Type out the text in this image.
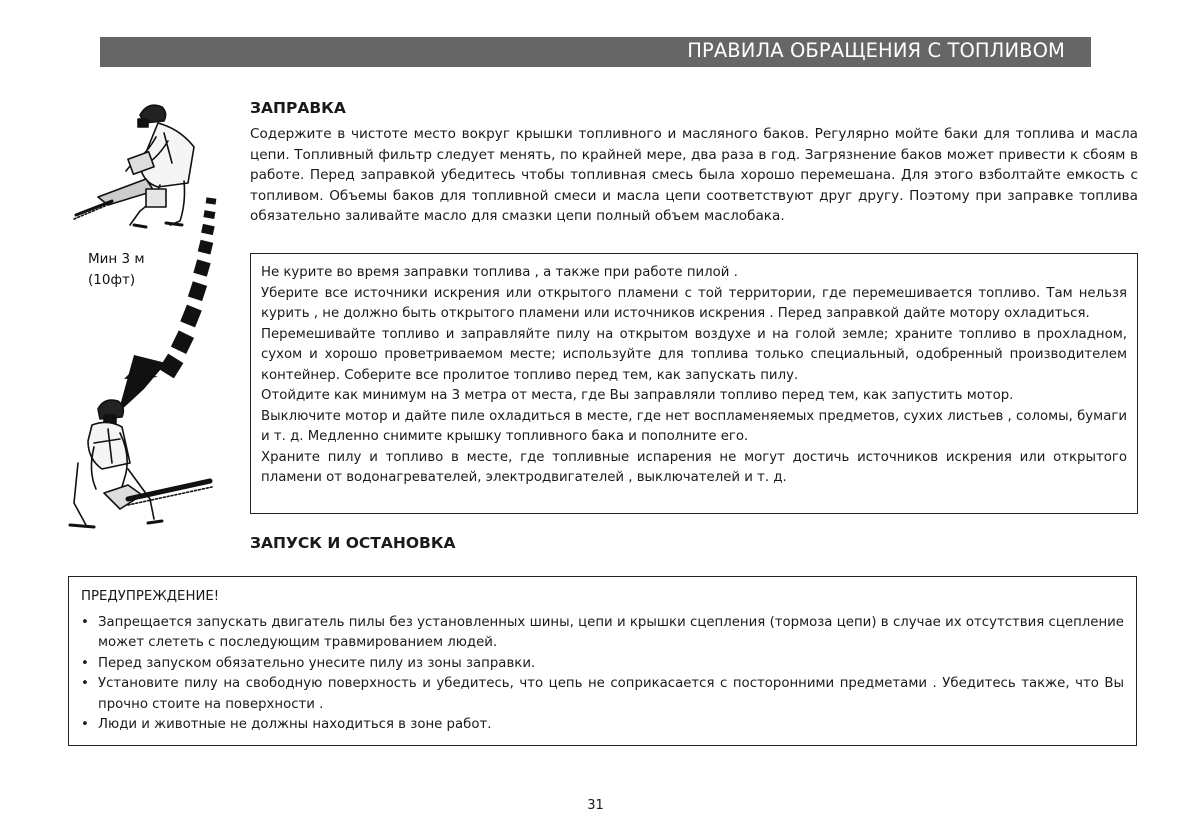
ПРАВИЛА ОБРАЩЕНИЯ С ТОПЛИВОМ
Мин 3 м
(10фт)
ЗАПРАВКА

Содержите в чистоте место вокруг крышки топливного и масляного баков. Регулярно мойте баки для топлива и масла цепи. Топливный фильтр следует менять, по крайней мере, два раза в год. Загрязнение баков может привести к сбоям в работе. Перед заправкой убедитесь чтобы топливная смесь была хорошо перемешана. Для этого взболтайте емкость с топливом. Объемы баков для топливной смеси и масла цепи соответствуют друг другу. Поэтому при заправке топлива обязательно заливайте масло для смазки цепи полный объем маслобака.

Не курите во время заправки топлива , а также при работе пилой .

Уберите все источники искрения или открытого пламени с той территории, где перемешивается топливо. Там нельзя курить , не должно быть открытого пламени или источников искрения . Перед заправкой дайте мотору охладиться.

Перемешивайте топливо и заправляйте пилу на открытом воздухе и на голой земле; храните топливо в прохладном, сухом и хорошо проветриваемом месте; используйте для топлива только специальный, одобренный производителем контейнер. Соберите все пролитое топливо перед тем, как запускать пилу.

Отойдите как минимум на 3 метра от места, где Вы заправляли топливо перед тем, как запустить мотор.

Выключите мотор и дайте пиле охладиться в месте, где нет воспламеняемых предметов, сухих листьев , соломы, бумаги и т. д. Медленно снимите крышку топливного бака и пополните его.

Храните пилу и топливо в месте, где топливные испарения не могут достичь источников искрения или открытого пламени от водонагревателей, электродвигателей , выключателей и т. д.

ЗАПУСК И ОСТАНОВКА

ПРЕДУПРЕЖДЕНИЕ!

• Запрещается запускать двигатель пилы без установленных шины, цепи и крышки сцепления (тормоза цепи) в случае их отсутствия сцепление может слететь с последующим травмированием людей.
• Перед запуском обязательно унесите пилу из зоны заправки.
• Установите пилу на свободную поверхность и убедитесь, что цепь не соприкасается с посторонними предметами . Убедитесь также, что Вы прочно стоите на поверхности .
• Люди и животные не должны находиться в зоне работ.
31
